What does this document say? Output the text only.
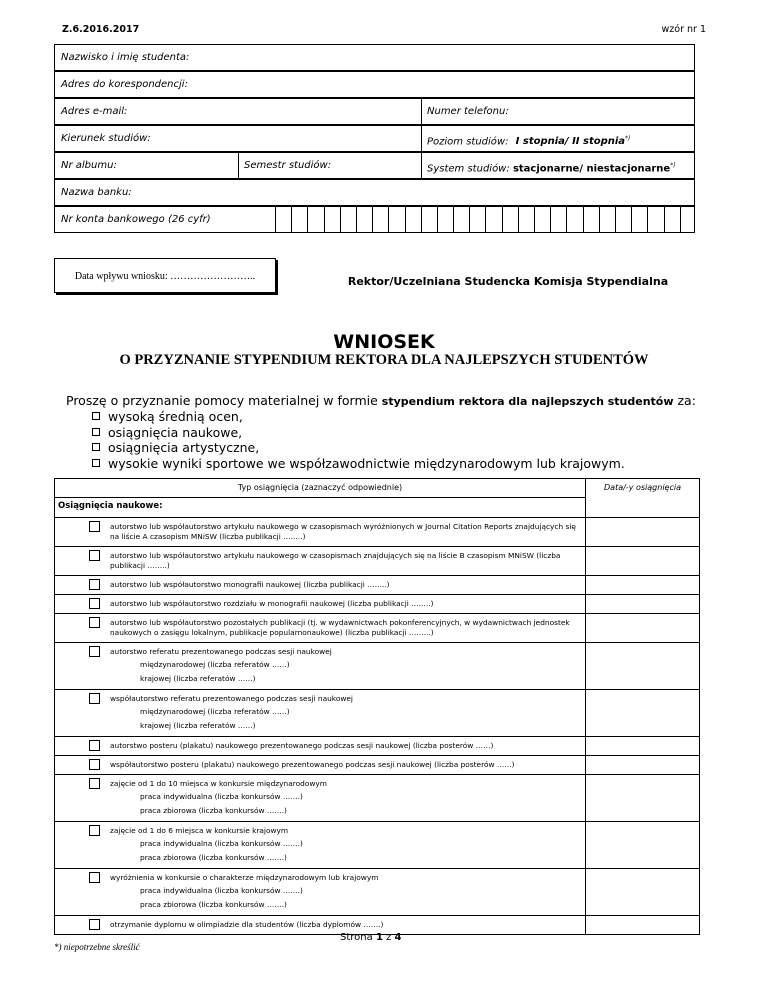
Z.6.2016.2017	wzór nr 1
Nazwisko i imię studenta:
Adres do korespondencji:
Adres e-mail:	Numer telefonu:
Kierunek studiów:	Poziom studiów: I stopnia/ II stopnia*)
Nr albumu:	Semestr studiów:	System studiów: stacjonarne/ niestacjonarne*)
Nazwa banku:
Nr konta bankowego (26 cyfr)
Data wpływu wniosku: ……………………..	Rektor/Uczelniana Studencka Komisja Stypendialna
WNIOSEK
O PRZYZNANIE STYPENDIUM REKTORA DLA NAJLEPSZYCH STUDENTÓW
Proszę o przyznanie pomocy materialnej w formie stypendium rektora dla najlepszych studentów za:
wysoką średnią ocen,
osiągnięcia naukowe,
osiągnięcia artystyczne,
wysokie wyniki sportowe we współzawodnictwie międzynarodowym lub krajowym.
Typ osiągnięcia (zaznaczyć odpowiednie)	Data/-y osiągnięcia
Osiągnięcia naukowe:	

autorstwo lub współautorstwo artykułu naukowego w czasopismach wyróżnionych w Journal Citation Reports znajdujących się na liście A czasopism MNiSW (liczba publikacji ……..)	

autorstwo lub współautorstwo artykułu naukowego w czasopismach znajdujących się na liście B czasopism MNiSW (liczba publikacji ……..)	

autorstwo lub współautorstwo monografii naukowej (liczba publikacji ……..)	

autorstwo lub współautorstwo rozdziału w monografii naukowej (liczba publikacji ……..)	

autorstwo lub współautorstwo pozostałych publikacji (tj. w wydawnictwach pokonferencyjnych, w wydawnictwach jednostek naukowych o zasięgu lokalnym, publikacje popularnonaukowe) (liczba publikacji ……...)	

autorstwo referatu prezentowanego podczas sesji naukowej
międzynarodowej (liczba referatów ……)
krajowej (liczba referatów ……)	

współautorstwo referatu prezentowanego podczas sesji naukowej
międzynarodowej (liczba referatów ……)
krajowej (liczba referatów ……)	

autorstwo posteru (plakatu) naukowego prezentowanego podczas sesji naukowej (liczba posterów ……)	

współautorstwo posteru (plakatu) naukowego prezentowanego podczas sesji naukowej (liczba posterów ……)	

zajęcie od 1 do 10 miejsca w konkursie międzynarodowym
praca indywidualna (liczba konkursów …….)
praca zbiorowa (liczba konkursów …….)	

zajęcie od 1 do 6 miejsca w konkursie krajowym
praca indywidualna (liczba konkursów …….)
praca zbiorowa (liczba konkursów …….)	

wyróżnienia w konkursie o charakterze międzynarodowym lub krajowym
praca indywidualna (liczba konkursów …….)
praca zbiorowa (liczba konkursów …….)	

otrzymanie dyplomu w olimpiadzie dla studentów (liczba dyplomów …….)	
*) niepotrzebne skreślić
Strona 1 z 4
